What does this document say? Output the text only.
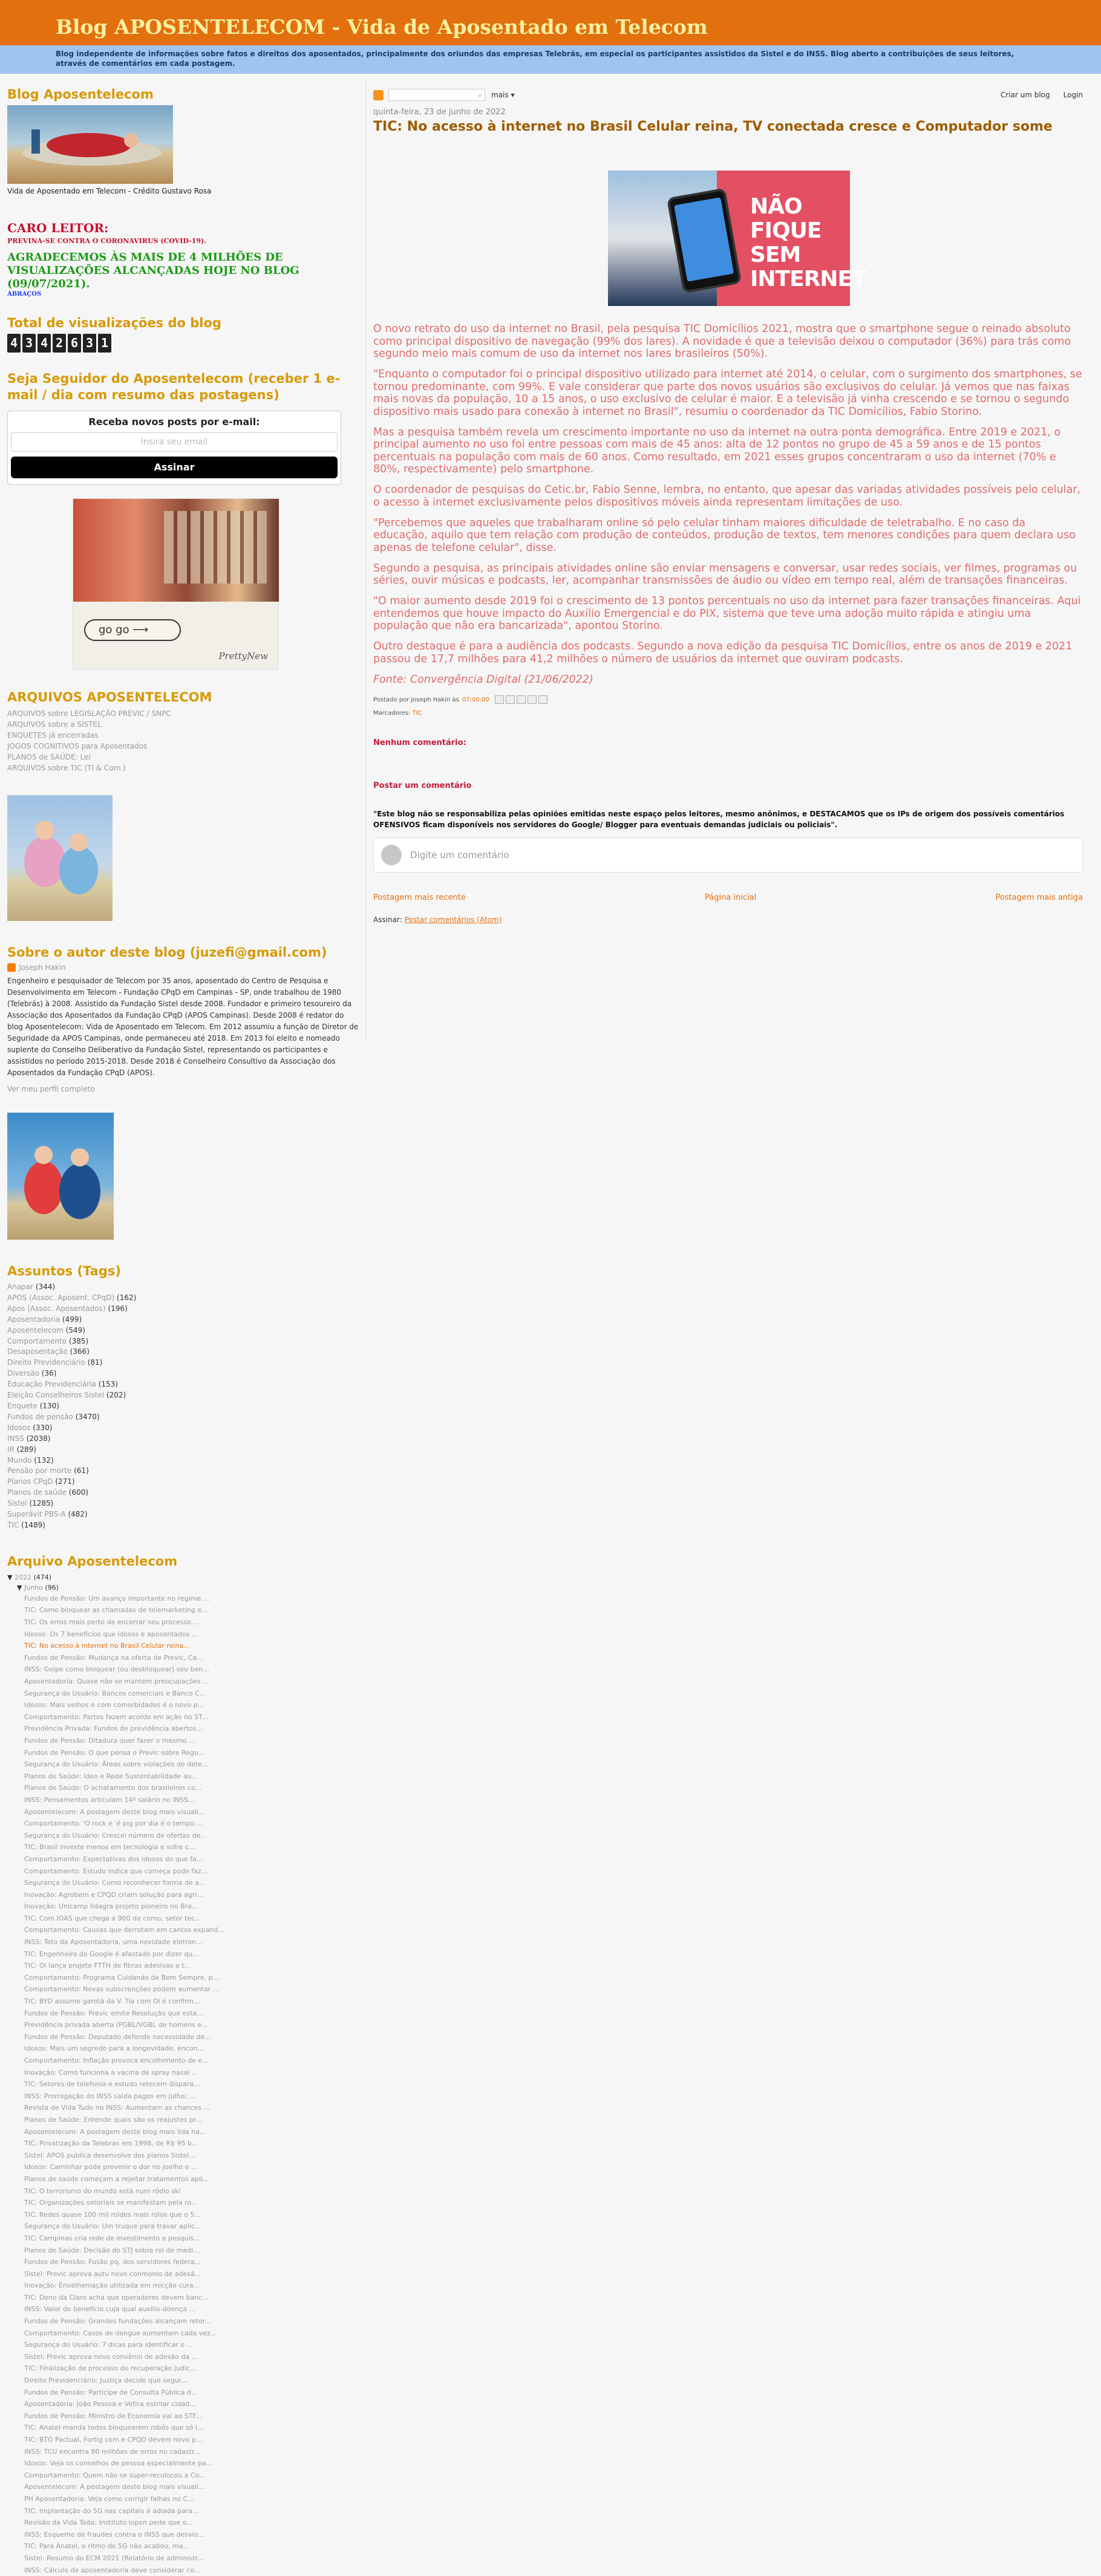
Blog APOSENTELECOM - Vida de Aposentado em Telecom
Blog independente de informações sobre fatos e direitos dos aposentados, principalmente dos oriundos das empresas Telebrás, em especial os participantes assistidos da Sistel e do INSS. Blog aberto a contribuições de seus leitores, através de comentários em cada postagem.
Blog Aposentelecom
Vida de Aposentado em Telecom - Crédito Gustavo Rosa
CARO LEITOR:
PREVINA-SE CONTRA O CORONAVIRUS (COVID-19).
AGRADECEMOS ÀS MAIS DE 4 MILHÕES DE VISUALIZAÇÕES ALCANÇADAS HOJE NO BLOG (09/07/2021).
ABRAÇOS
Total de visualizações do blog
4 3 4 2 6 3 1
Seja Seguidor do Aposentelecom (receber 1 e-mail / dia com resumo das postagens)
Receba novos posts por e-mail:
Insira seu email
Assinar
go go ⟶
PrettyNew
ARQUIVOS APOSENTELECOM
ARQUIVOS sobre LEGISLAÇÃO PREVIC / SNPC
ARQUIVOS sobre a SISTEL
ENQUETES já encerradas
JOGOS COGNITIVOS para Aposentados
PLANOS de SAÚDE: Lei
ARQUIVOS sobre TIC (TI & Com.)
Sobre o autor deste blog (juzefi@gmail.com)
Joseph Hakin
Engenheiro e pesquisador de Telecom por 35 anos, aposentado do Centro de Pesquisa e Desenvolvimento em Telecom - Fundação CPqD em Campinas - SP, onde trabalhou de 1980 (Telebrás) à 2008. Assistido da Fundação Sistel desde 2008. Fundador e primeiro tesoureiro da Associação dos Aposentados da Fundação CPqD (APOS Campinas). Desde 2008 é redator do blog Aposentelecom: Vida de Aposentado em Telecom. Em 2012 assumiu a função de Diretor de Seguridade da APOS Campinas, onde permaneceu até 2018. Em 2013 foi eleito e nomeado suplente do Conselho Deliberativo da Fundação Sistel, representando os participantes e assistidos no período 2015-2018. Desde 2018 é Conselheiro Consultivo da Associação dos Aposentados da Fundação CPqD (APOS).
Ver meu perfil completo
Assuntos (Tags)
Anapar (344)
APOS (Assoc. Aposent. CPqD) (162)
Apos (Assoc. Aposentados) (196)
Aposentadoria (499)
Aposentelecom (549)
Comportamento (385)
Desaposentação (366)
Direito Previdenciário (81)
Diversão (36)
Educação Previdenciária (153)
Eleição Conselheiros Sistel (202)
Enquete (130)
Fundos de pensão (3470)
Idosos (330)
INSS (2038)
IR (289)
Mundo (132)
Pensão por morte (61)
Planos CPqD (271)
Planos de saúde (600)
Sistel (1285)
Superávit PBS-A (482)
TIC (1489)
Arquivo Aposentelecom
▼ 2022 (474)
▼ Junho (96)
Fundos de Pensão: Um avanço importante no regime ...
TIC: Como bloquear as chamadas de telemarketing e...
TIC: Os erros mais perto de encerrar seu processo ...
Idosos: Os 7 benefícios que idosos e aposentados ...
TIC: No acesso à internet no Brasil Celular reina...
Fundos de Pensão: Mudança na oferta de Previc, Ca...
INSS: Golpe como bloquear (ou desbloquear) seu ben...
Aposentadoria: Quase não se mantém preocupações ...
Segurança do Usuário: Bancos comerciais e Banco C...
Idosos: Mais velhos e com comorbidades é o novo p...
Comportamento: Partos fazem acordo em ação no ST...
Previdência Privada: Fundos de previdência abertos...
Fundos de Pensão: Ditadura quer fazer o mesmo ...
Fundos de Pensão: O que pensa o Previc sobre Regu...
Segurança do Usuário: Áreas sobre violações de dete...
Planos de Saúde: Ideo e Rede Sustentabilidade au...
Planos de Saúde: O achatamento dos brasileiros co...
INSS: Pensamentos articulam 14º salário no INSS...
Aposentelecom: A postagem deste blog mais visuali...
Comportamento: 'O rock e 'é pig por dia é o tempo ...
Segurança do Usuário: Crescei número de ofertas de...
TIC: Brasil investe menos em tecnologia e sofre c...
Comportamento: Expectativas dos idosos do que fa...
Comportamento: Estudo indica que começa pode faz...
Segurança do Usuário: Como reconhecer forma de a...
Inovação: Agrobem e CPQD criam solução para agri...
Inovação: Unicamp lidagra projeto pioneiro no Bra...
TIC: Com IOAS que chega a 900 de como, setor tec...
Comportamento: Causas que derrotam em cantos expand...
INSS: Teto da Aposentadoria, uma novidade eletron...
TIC: Engenheiro do Google é afastado por dizer qu...
TIC: Oi lança projeto FTTH de fibras adesivas e t...
Comportamento: Programa Cuidando de Bem Sempre, p...
Comportamento: Novas subscrenções podem aumentar ...
TIC: BYD assume garotá da V. Tia com Oi é confirm...
Fundos de Pensão: Previc emite Resolução que esta...
Previdência privada aberta (PGBL/VGBL de homens e...
Fundos de Pensão: Deputado defende necessidade de...
Idosos: Mais um segredo para a longevidade, encon...
Comportamento: Inflação provoca encolhimento de e...
Inovação: Como funciona a vacina de spray nasal ...
TIC: Setores de telefonia e estudo retecem dispara...
INSS: Prorrogação do INSS saída pagos em julho; ...
Revista de Vida Tudo no INSS: Aumentam as chances ...
Planos de Saúde: Entende quais são os reajustes pr...
Aposentelecom: A postagem deste blog mais lida na...
TIC: Privatização da Telebras em 1998, de R$ 95 b...
Sistel: APOS publica desenvolve dos planos Sistel...
Idosos: Caminhar pode prevenir o dor no joelho e ...
Planos de saúde começam a rejeitar tratamentos apó...
TIC: O terrorismo do mundo está num ródio ski
TIC: Organizações setoriais se manifestam pela ro...
TIC: Redes quase 100 mil roldes mais rolos que o 5...
Segurança do Usuário: Um truque para travar aplic...
TIC: Campinas cria rede de investimento e pesquis...
Planos de Saúde: Decisão do STJ sobre rol de medi...
Fundos de Pensão: Fusão pq. dos servidores federa...
Sistel: Previc aprova autu novo conmonio de adesã...
Inovação: Envelhemação utilizada em micção cura...
TIC: Dono da Claro acha que operadores devem banc...
INSS: Valor do benefício cuja qual auxílio-doença ...
Fundos de Pensão: Grandes fundações alcançam retor...
Comportamento: Casos de dengue aumentam cada vez...
Segurança do Usuário: 7 dicas para identificar o ...
Sistel: Previc aprova novo convênio de adesão da ...
TIC: Finalização de processo de recuperação judic...
Direito Previdenciário: Justiça decide que segur...
Fundos de Pensão: Participe de Consulta Pública d...
Aposentadoria: João Pessoa e Vetira estrilar cidad...
Fundos de Pensão: Ministro de Economia vai ao STF...
TIC: Anatel manda todos bloquearem robôs que só l...
TIC: BTG Pactual, Fortig com e CPQD devem novo p...
INSS: TCU encontra 80 milhões de erros no cadastr...
Idosos: Veja os conselhos de pessoa especialmente pa...
Comportamento: Quem não se super-recolocou a Co...
Aposentelecom: A postagem deste blog mais visuali...
PH Aposentadoria: Veja como corrigir falhas no C...
TIC: Implantação do 5G nas capitais é adiada para...
Revisão da Vida Toda: Instituto lopen pede que o...
INSS: Esqueme de fraudes contra o INSS que desvio...
TIC: Para Anatel, o ritmo do 5G não acabou, ma...
Sistel: Resumo do ECM 2021 (Relatório de administr...
INSS: Cálculo de aposentadoria deve considerar co...
⌕ mais ▾	Criar um blog Login
quinta-feira, 23 de junho de 2022
TIC: No acesso à internet no Brasil Celular reina, TV conectada cresce e Computador some
NÃO FIQUE SEM INTERNET

O novo retrato do uso da internet no Brasil, pela pesquisa TIC Domicílios 2021, mostra que o smartphone segue o reinado absoluto como principal dispositivo de navegação (99% dos lares). A novidade é que a televisão deixou o computador (36%) para trás como segundo meio mais comum de uso da internet nos lares brasileiros (50%).

"Enquanto o computador foi o principal dispositivo utilizado para internet até 2014, o celular, com o surgimento dos smartphones, se tornou predominante, com 99%. E vale considerar que parte dos novos usuários são exclusivos do celular. Já vemos que nas faixas mais novas da população, 10 a 15 anos, o uso exclusivo de celular é maior. E a televisão já vinha crescendo e se tornou o segundo dispositivo mais usado para conexão à internet no Brasil", resumiu o coordenador da TIC Domicílios, Fabio Storino.

Mas a pesquisa também revela um crescimento importante no uso da internet na outra ponta demográfica. Entre 2019 e 2021, o principal aumento no uso foi entre pessoas com mais de 45 anos: alta de 12 pontos no grupo de 45 a 59 anos e de 15 pontos percentuais na população com mais de 60 anos. Como resultado, em 2021 esses grupos concentraram o uso da internet (70% e 80%, respectivamente) pelo smartphone.

O coordenador de pesquisas do Cetic.br, Fabio Senne, lembra, no entanto, que apesar das variadas atividades possíveis pelo celular, o acesso à internet exclusivamente pelos dispositivos móveis ainda representam limitações de uso.

"Percebemos que aqueles que trabalharam online só pelo celular tinham maiores dificuldade de teletrabalho. E no caso da educação, aquilo que tem relação com produção de conteúdos, produção de textos, tem menores condições para quem declara uso apenas de telefone celular", disse.

Segundo a pesquisa, as principais atividades online são enviar mensagens e conversar, usar redes sociais, ver filmes, programas ou séries, ouvir músicas e podcasts, ler, acompanhar transmissões de áudio ou vídeo em tempo real, além de transações financeiras.

"O maior aumento desde 2019 foi o crescimento de 13 pontos percentuais no uso da internet para fazer transações financeiras. Aqui entendemos que houve impacto do Auxílio Emergencial e do PIX, sistema que teve uma adoção muito rápida e atingiu uma população que não era bancarizada", apontou Storino.

Outro destaque é para a audiência dos podcasts. Segundo a nova edição da pesquisa TIC Domicílios, entre os anos de 2019 e 2021 passou de 17,7 milhões para 41,2 milhões o número de usuários da internet que ouviram podcasts.

Fonte: Convergência Digital (21/06/2022)

Postado por Joseph Hakin às 07:00:00
Marcadores: TIC
Nenhum comentário:
Postar um comentário
"Este blog não se responsabiliza pelas opiniões emitidas neste espaço pelos leitores, mesmo anônimos, e DESTACAMOS que os IPs de origem dos possíveis comentários OFENSIVOS ficam disponíveis nos servidores do Google/ Blogger para eventuais demandas judiciais ou policiais".
Digite um comentário
Postagem mais recente	Página inicial	Postagem mais antiga
Assinar: Postar comentários (Atom)
